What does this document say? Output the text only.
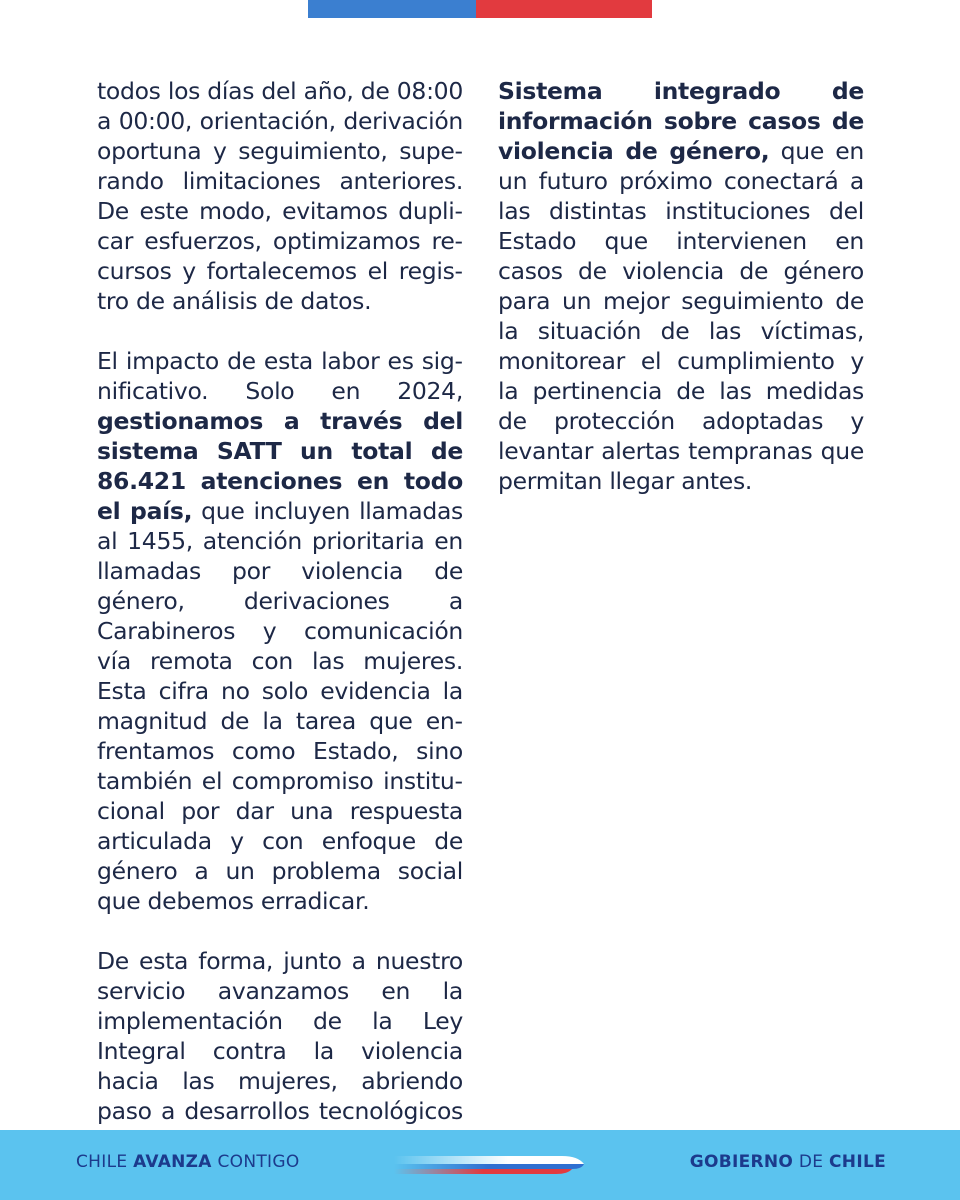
todos los días del año, de 08:00 a 00:00, orientación, derivación oportuna y seguimiento, superando limitaciones anteriores. De este modo, evitamos duplicar esfuerzos, optimizamos recursos y fortalecemos el registro de análisis de datos.

El impacto de esta labor es significativo. Solo en 2024, gestionamos a través del sistema SATT un total de 86.421 atenciones en todo el país, que incluyen llamadas al 1455, atención prioritaria en llamadas por violencia de género, derivaciones a Carabineros y comunicación vía remota con las mujeres. Esta cifra no solo evidencia la magnitud de la tarea que enfrentamos como Estado, sino también el compromiso institucional por dar una respuesta articulada y con enfoque de género a un problema social que debemos erradicar.

De esta forma, junto a nuestro servicio avanzamos en la implementación de la Ley Integral contra la violencia hacia las mujeres, abriendo paso a desarrollos tecnológicos

Sistema integrado de información sobre casos de violencia de género, que en un futuro próximo conectará a las distintas instituciones del Estado que intervienen en casos de violencia de género para un mejor seguimiento de la situación de las víctimas, monitorear el cumplimiento y la pertinencia de las medidas de protección adoptadas y levantar alertas tempranas que permitan llegar antes.

CHILE AVANZA CONTIGO	GOBIERNO DE CHILE
